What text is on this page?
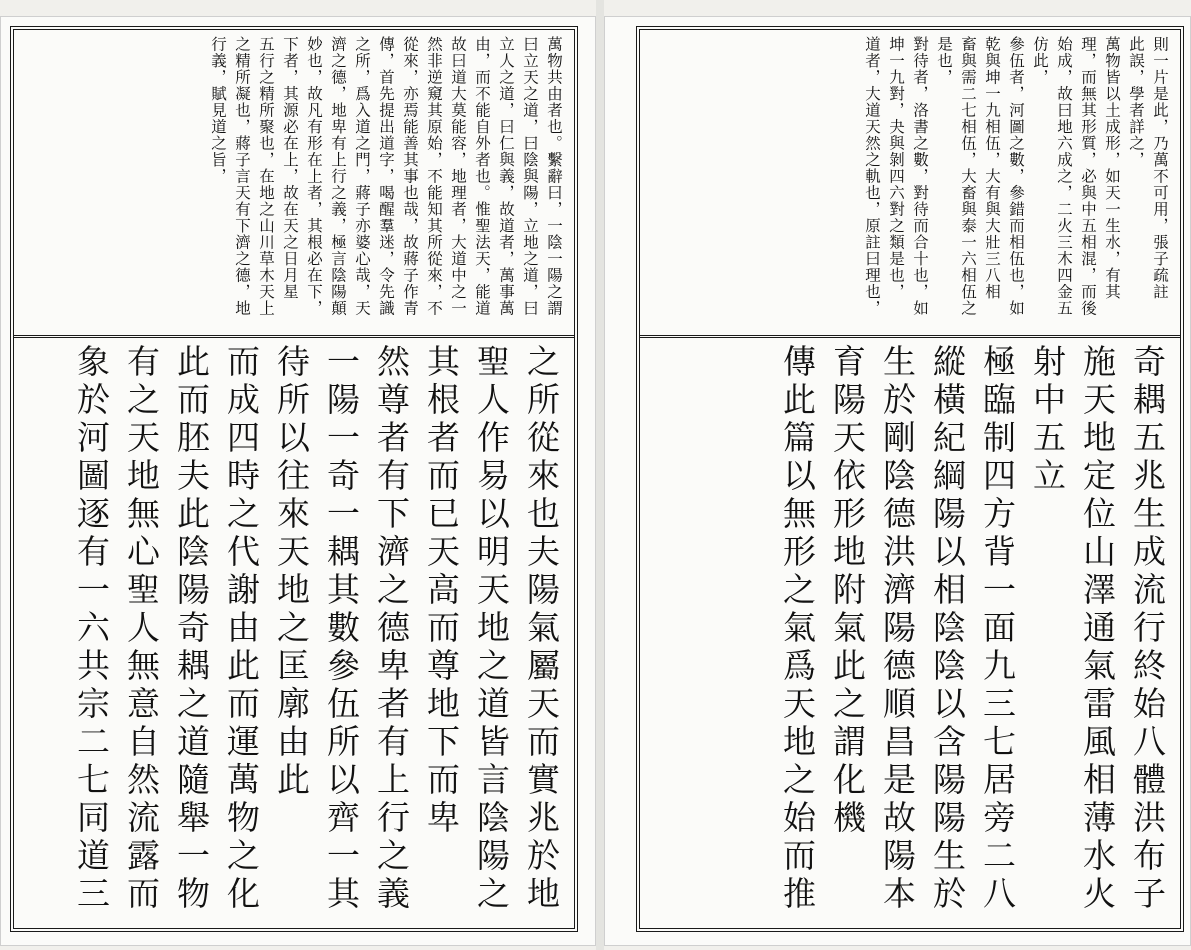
萬物共由者也。繫辭曰，一陰一陽之謂
曰立天之道，曰陰與陽，立地之道，曰
立人之道，曰仁與義，故道者，萬事萬
由，而不能自外者也。惟聖法天，能道
故曰道大莫能容，地理者，大道中之一
然非逆窺其原始，不能知其所從來，不
從來，亦焉能善其事也哉，故蔣子作青
傳，首先提出道字，喝醒羣迷，令先識
之所，爲入道之門，蔣子亦婆心哉，天
濟之德，地卑有上行之義，極言陰陽顛
妙也，故凡有形在上者，其根必在下，
下者，其源必在上，故在天之日月星
五行之精所聚也，在地之山川草木天上
之精所凝也，蔣子言天有下濟之德，地
行義，賦見道之旨，
之所從來也夫陽氣屬天而實兆於地
聖人作易以明天地之道皆言陰陽之
其根者而已天高而尊地下而卑
然尊者有下濟之德卑者有上行之義
一陽一奇一耦其數參伍所以齊一其
待所以往來天地之匡廓由此
而成四時之代謝由此而運萬物之化
此而胚夫此陰陽奇耦之道隨舉一物
有之天地無心聖人無意自然流露而
象於河圖逐有一六共宗二七同道三
則一片是此，乃萬不可用，張子疏註
此誤，學者詳之，
萬物皆以土成形，如天一生水，有其
理，而無其形質，必與中五相混，而後
始成，故曰地六成之，二火三木四金五
仿此，
參伍者，河圖之數，參錯而相伍也，如
乾與坤一九相伍，大有與大壯三八相
畜與需二七相伍，大畜與泰一六相伍之
是也，
對待者，洛書之數，對待而合十也，如
坤一九對，夬與剝四六對之類是也，
道者，大道天然之軌也，原註曰理也，
奇耦五兆生成流行終始八體洪布子
施天地定位山澤通氣雷風相薄水火
射中五立
極臨制四方背一面九三七居旁二八
縱橫紀綱陽以相陰陰以含陽陽生於
生於剛陰德洪濟陽德順昌是故陽本
育陽天依形地附氣此之謂化機
傳此篇以無形之氣爲天地之始而推
